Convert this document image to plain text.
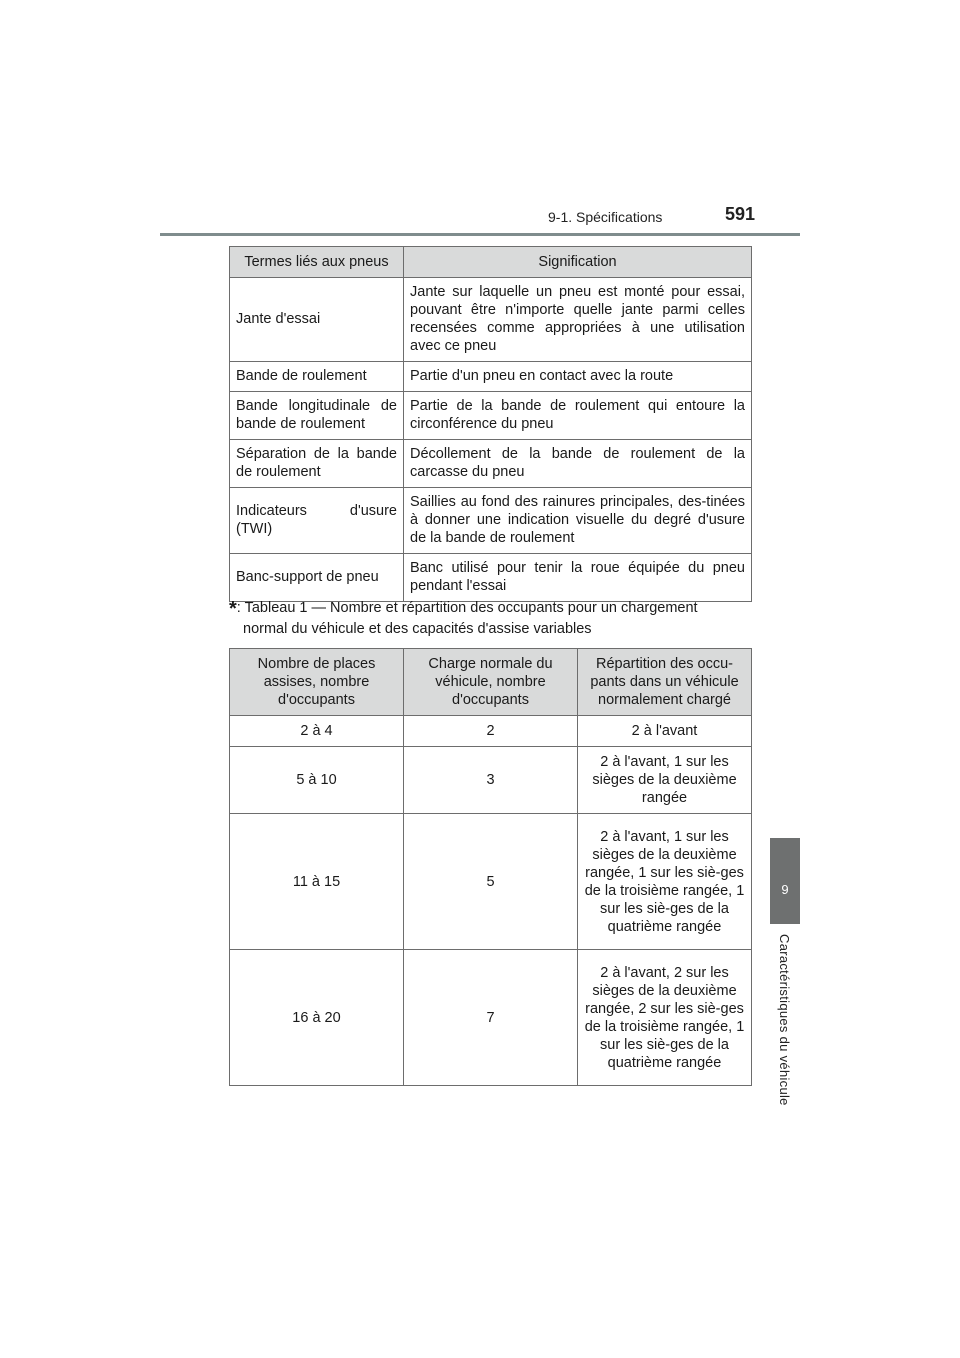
9-1. Spécifications	591
9
Caractéristiques du véhicule
Termes liés aux pneus	Signification
Jante d'essai	Jante sur laquelle un pneu est monté pour essai, pouvant être n'importe quelle jante parmi celles recensées comme appropriées à une utilisation avec ce pneu
Bande de roulement	Partie d'un pneu en contact avec la route
Bande longitudinale de bande de roulement	Partie de la bande de roulement qui entoure la circonférence du pneu
Séparation de la bande de roulement	Décollement de la bande de roulement de la carcasse du pneu
Indicateurs d'usure (TWI)	Saillies au fond des rainures principales, des-tinées à donner une indication visuelle du degré d'usure de la bande de roulement
Banc-support de pneu	Banc utilisé pour tenir la roue équipée du pneu pendant l'essai
*: Tableau 1 — Nombre et répartition des occupants pour un chargement
normal du véhicule et des capacités d'assise variables
Nombre de places assises, nombre d'occupants	Charge normale du véhicule, nombre d'occupants	Répartition des occu-pants dans un véhicule normalement chargé
2 à 4	2	2 à l'avant
5 à 10	3	2 à l'avant, 1 sur les sièges de la deuxième rangée
11 à 15	5	2 à l'avant, 1 sur les sièges de la deuxième rangée, 1 sur les siè-ges de la troisième rangée, 1 sur les siè-ges de la quatrième rangée
16 à 20	7	2 à l'avant, 2 sur les sièges de la deuxième rangée, 2 sur les siè-ges de la troisième rangée, 1 sur les siè-ges de la quatrième rangée
